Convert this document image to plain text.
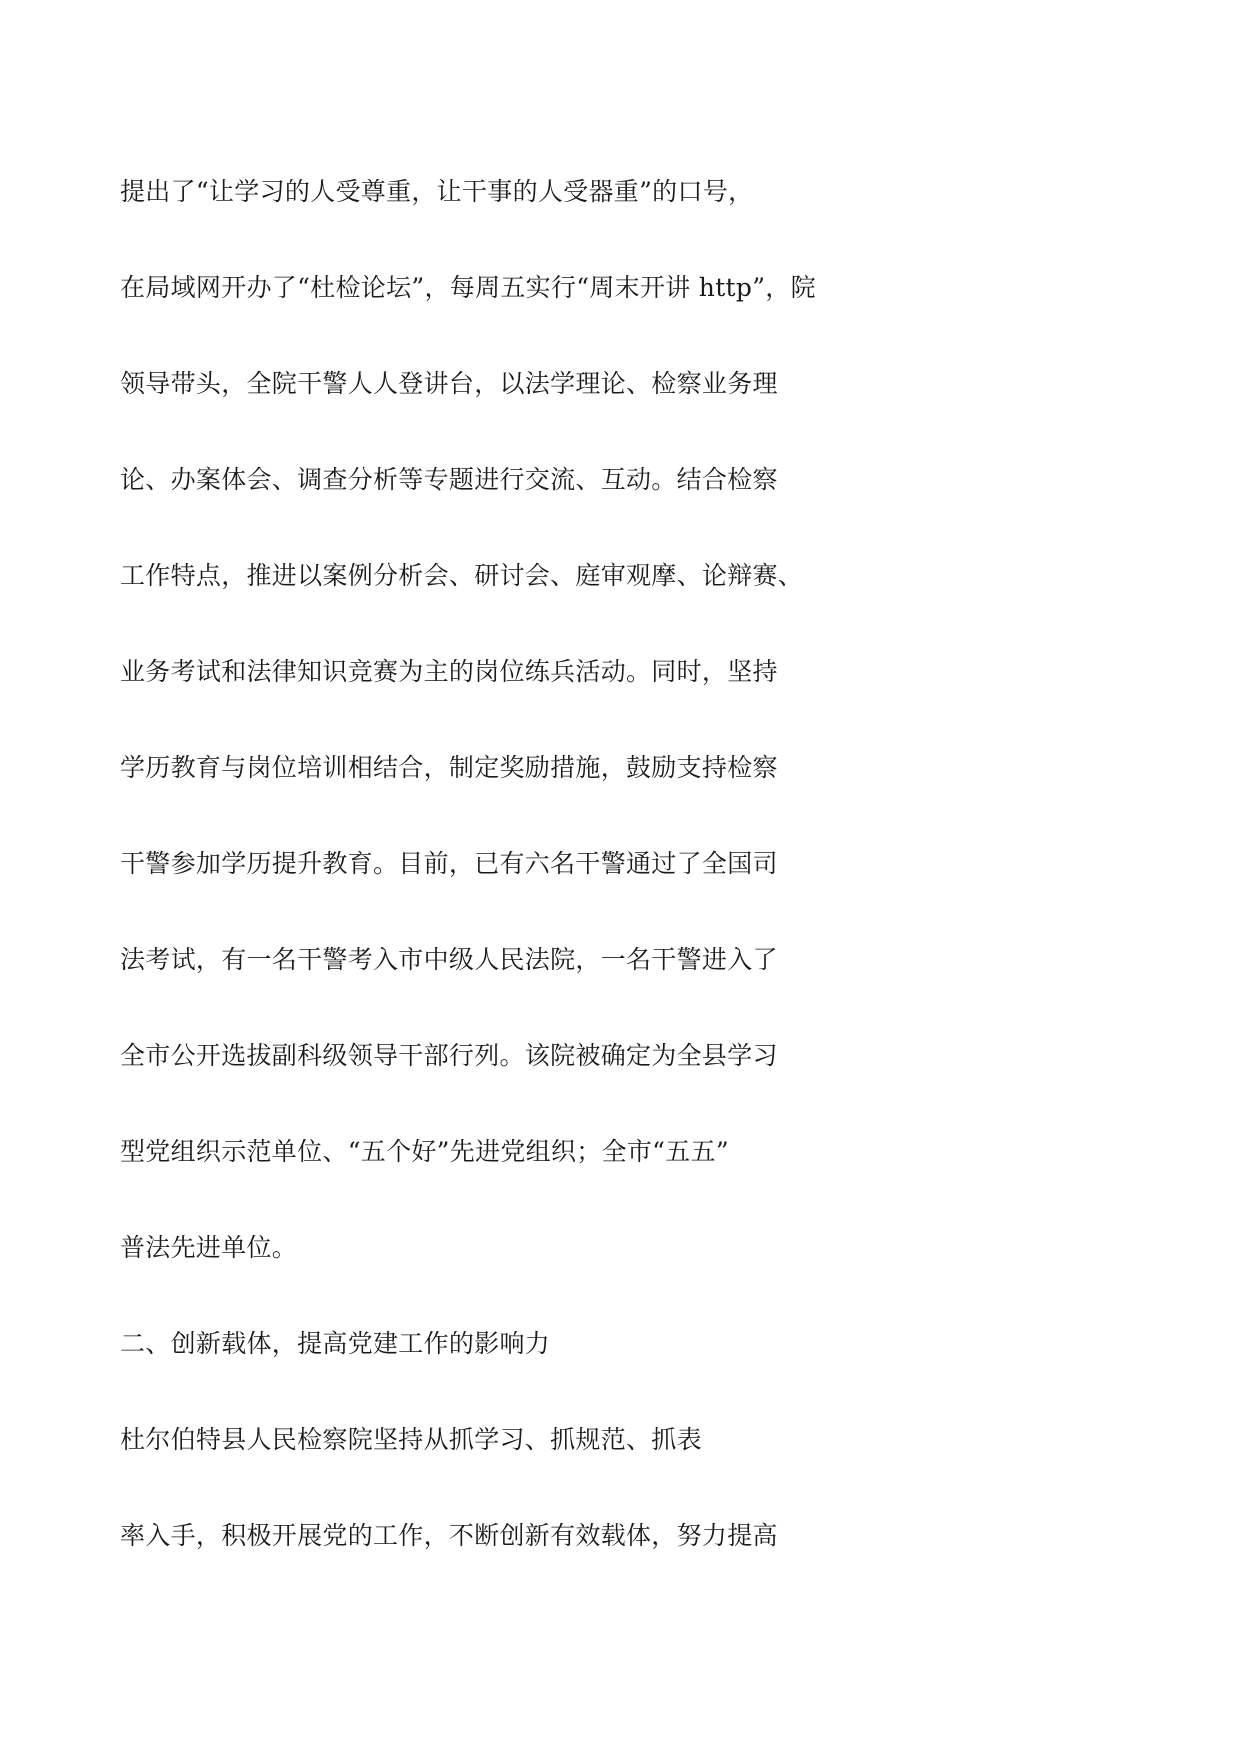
提出了“让学习的人受尊重，让干事的人受器重”的口号，

在局域网开办了“杜检论坛”，每周五实行“周末开讲 http”，院

领导带头，全院干警人人登讲台，以法学理论、检察业务理

论、办案体会、调查分析等专题进行交流、互动。结合检察

工作特点，推进以案例分析会、研讨会、庭审观摩、论辩赛、

业务考试和法律知识竞赛为主的岗位练兵活动。同时，坚持

学历教育与岗位培训相结合，制定奖励措施，鼓励支持检察

干警参加学历提升教育。目前，已有六名干警通过了全国司

法考试，有一名干警考入市中级人民法院，一名干警进入了

全市公开选拔副科级领导干部行列。该院被确定为全县学习

型党组织示范单位、“五个好”先进党组织；全市“五五”

普法先进单位。

二、创新载体，提高党建工作的影响力

杜尔伯特县人民检察院坚持从抓学习、抓规范、抓表

率入手，积极开展党的工作，不断创新有效载体，努力提高
